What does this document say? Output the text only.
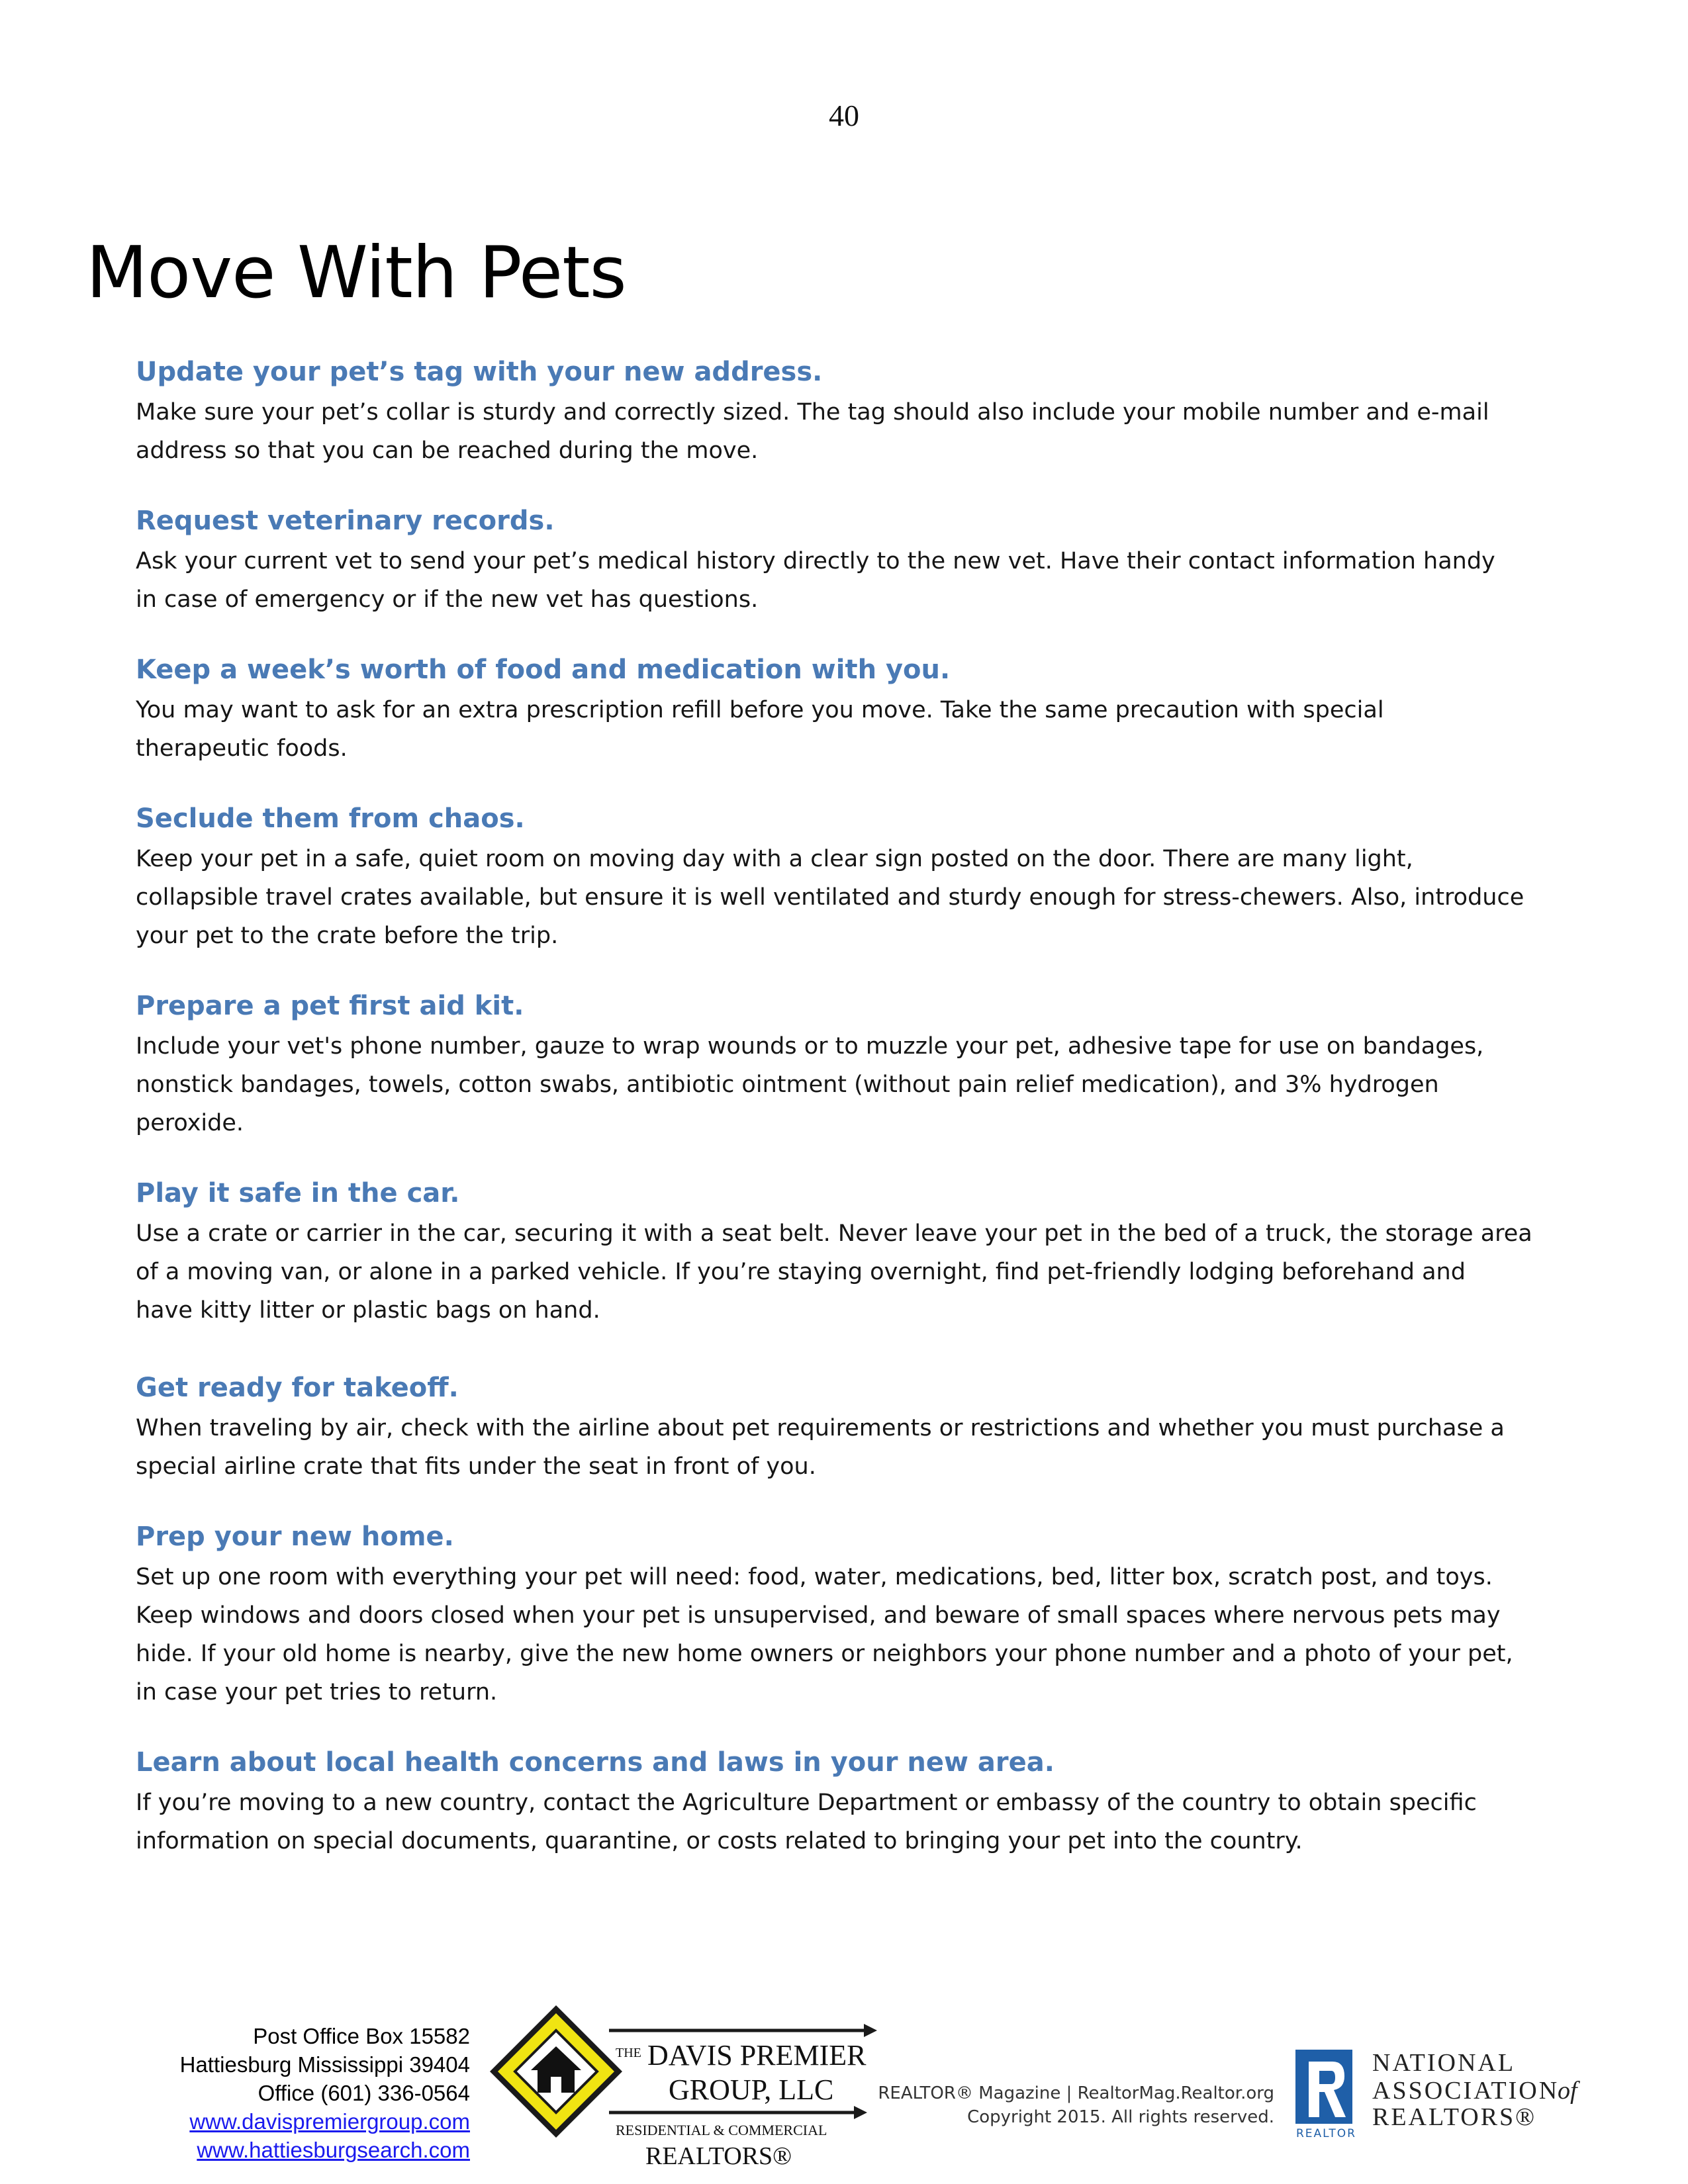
40
Move With Pets
Update your pet’s tag with your new address.

Make sure your pet’s collar is sturdy and correctly sized. The tag should also include your mobile number and e-mail

address so that you can be reached during the move.

Request veterinary records.

Ask your current vet to send your pet’s medical history directly to the new vet. Have their contact information handy

in case of emergency or if the new vet has questions.

Keep a week’s worth of food and medication with you.

You may want to ask for an extra prescription refill before you move. Take the same precaution with special

therapeutic foods.

Seclude them from chaos.

Keep your pet in a safe, quiet room on moving day with a clear sign posted on the door. There are many light,

collapsible travel crates available, but ensure it is well ventilated and sturdy enough for stress-chewers. Also, introduce

your pet to the crate before the trip.

Prepare a pet first aid kit.

Include your vet's phone number, gauze to wrap wounds or to muzzle your pet, adhesive tape for use on bandages,

nonstick bandages, towels, cotton swabs, antibiotic ointment (without pain relief medication), and 3% hydrogen

peroxide.

Play it safe in the car.

Use a crate or carrier in the car, securing it with a seat belt. Never leave your pet in the bed of a truck, the storage area

of a moving van, or alone in a parked vehicle. If you’re staying overnight, find pet-friendly lodging beforehand and

have kitty litter or plastic bags on hand.

Get ready for takeoff.

When traveling by air, check with the airline about pet requirements or restrictions and whether you must purchase a

special airline crate that fits under the seat in front of you.

Prep your new home.

Set up one room with everything your pet will need: food, water, medications, bed, litter box, scratch post, and toys.

Keep windows and doors closed when your pet is unsupervised, and beware of small spaces where nervous pets may

hide. If your old home is nearby, give the new home owners or neighbors your phone number and a photo of your pet,

in case your pet tries to return.

Learn about local health concerns and laws in your new area.

If you’re moving to a new country, contact the Agriculture Department or embassy of the country to obtain specific

information on special documents, quarantine, or costs related to bringing your pet into the country.

Post Office Box 15582
Hattiesburg Mississippi 39404
Office (601) 336-0564
www.davispremiergroup.com
www.hattiesburgsearch.com
THE DAVIS PREMIER
GROUP, LLC
RESIDENTIAL & COMMERCIAL
REALTORS®
REALTOR® Magazine | RealtorMag.Realtor.org
Copyright 2015. All rights reserved.
REALTOR
NATIONAL
ASSOCIATION
of
REALTORS®
